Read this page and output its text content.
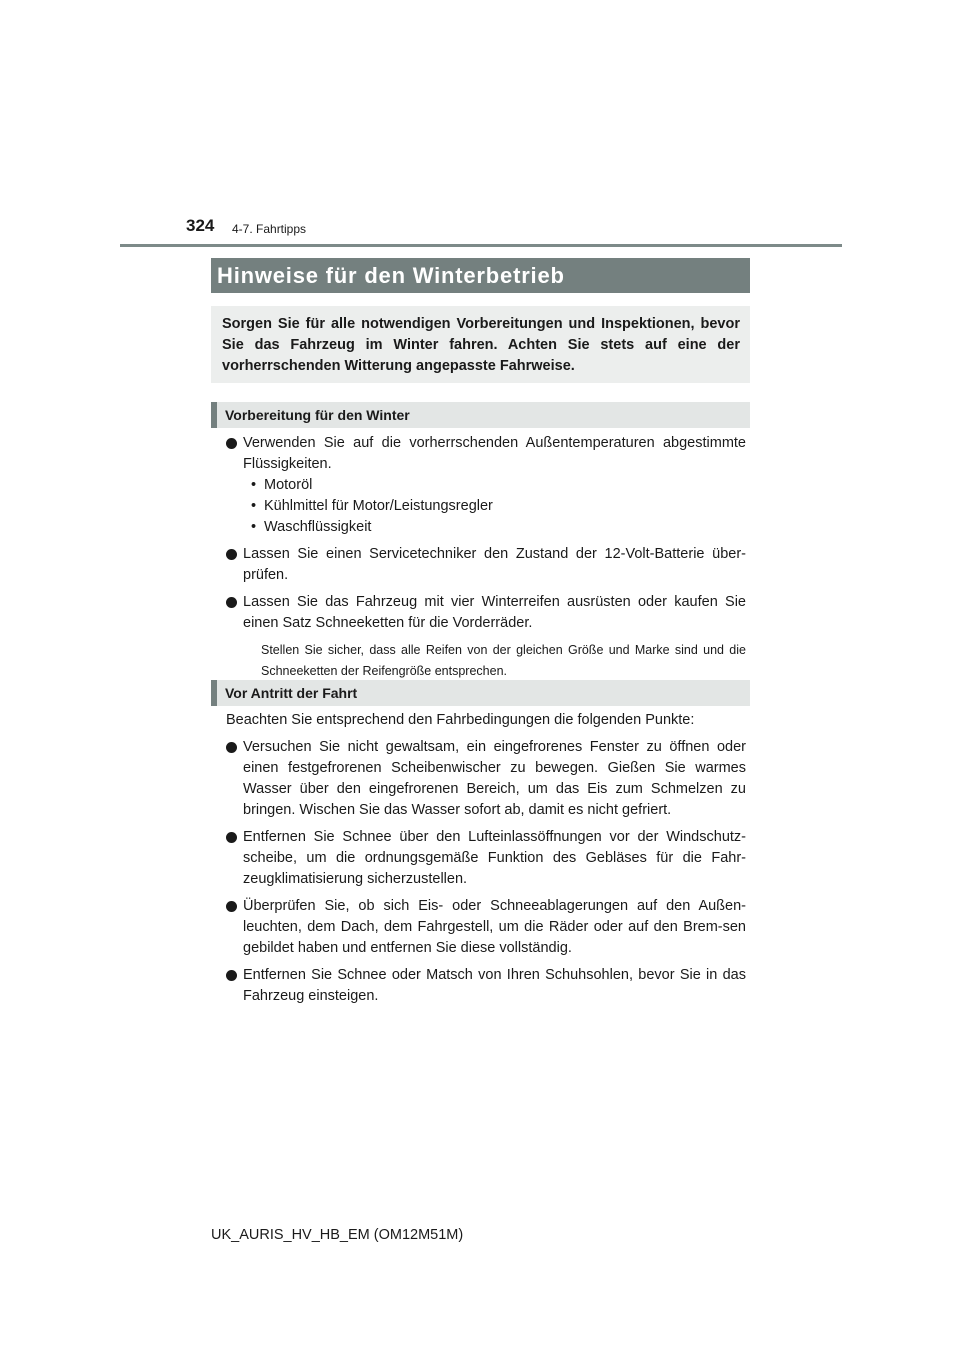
324 4-7. Fahrtipps
Hinweise für den Winterbetrieb
Sorgen Sie für alle notwendigen Vorbereitungen und Inspektionen, bevor Sie das Fahrzeug im Winter fahren. Achten Sie stets auf eine der vorherrschenden Witterung angepasste Fahrweise.
Vorbereitung für den Winter
Verwenden Sie auf die vorherrschenden Außentemperaturen abgestimmte Flüssigkeiten.
• Motoröl
• Kühlmittel für Motor/Leistungsregler
• Waschflüssigkeit
Lassen Sie einen Servicetechniker den Zustand der 12-Volt-Batterie über-prüfen.
Lassen Sie das Fahrzeug mit vier Winterreifen ausrüsten oder kaufen Sie einen Satz Schneeketten für die Vorderräder.
Stellen Sie sicher, dass alle Reifen von der gleichen Größe und Marke sind und die Schneeketten der Reifengröße entsprechen.
Vor Antritt der Fahrt
Beachten Sie entsprechend den Fahrbedingungen die folgenden Punkte:
Versuchen Sie nicht gewaltsam, ein eingefrorenes Fenster zu öffnen oder einen festgefrorenen Scheibenwischer zu bewegen. Gießen Sie warmes Wasser über den eingefrorenen Bereich, um das Eis zum Schmelzen zu bringen. Wischen Sie das Wasser sofort ab, damit es nicht gefriert.
Entfernen Sie Schnee über den Lufteinlassöffnungen vor der Windschutz-scheibe, um die ordnungsgemäße Funktion des Gebläses für die Fahr-zeugklimatisierung sicherzustellen.
Überprüfen Sie, ob sich Eis- oder Schneeablagerungen auf den Außen-leuchten, dem Dach, dem Fahrgestell, um die Räder oder auf den Brem-sen gebildet haben und entfernen Sie diese vollständig.
Entfernen Sie Schnee oder Matsch von Ihren Schuhsohlen, bevor Sie in das Fahrzeug einsteigen.
UK_AURIS_HV_HB_EM (OM12M51M)
